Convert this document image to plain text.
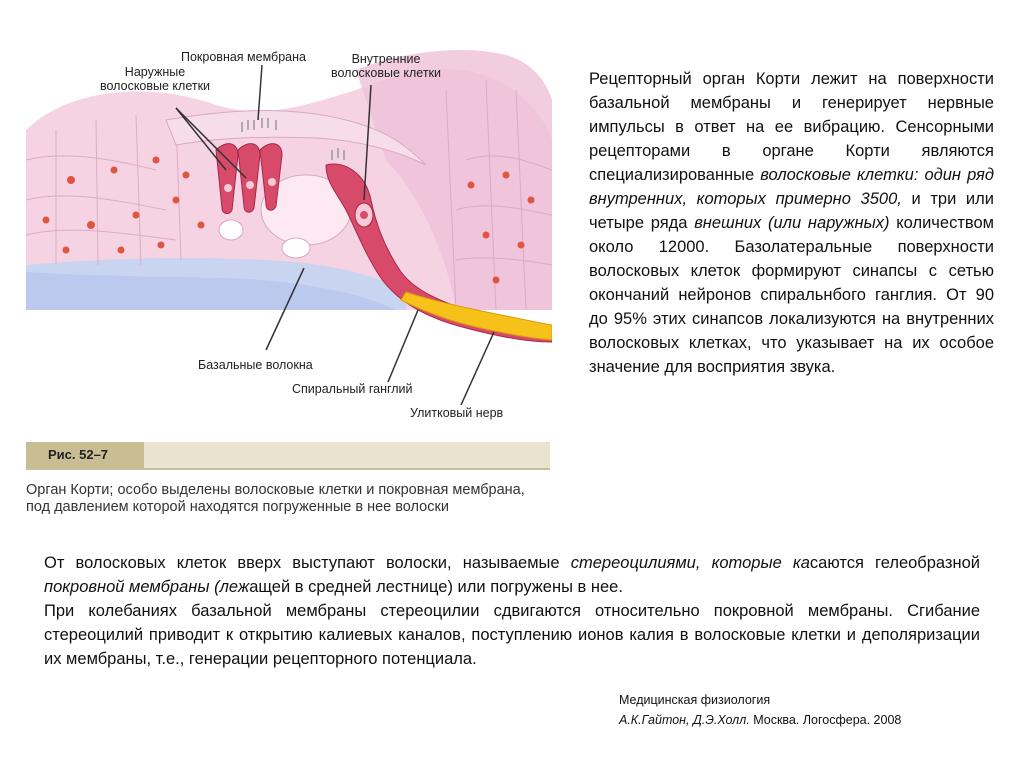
Покровная мембрана
Наружные
волосковые клетки
Внутренние
волосковые клетки
Базальные волокна
Спиральный ганглий
Улитковый нерв
Рис. 52–7
Орган Корти; особо выделены волосковые клетки и покровная мембрана, под давлением которой находятся погруженные в нее волоски
Рецепторный орган Корти лежит на поверхности базальной мембраны и генерирует нервные импульсы в ответ на ее вибрацию. Сенсорными рецепторами в органе Корти являются специализированные волосковые клетки: один ряд внутренних, которых примерно 3500, и три или четыре ряда внешних (или наружных) количеством около 12000. Базолатеральные поверхности волосковых клеток формируют синапсы с сетью окончаний нейронов спиральнбого ганглия. От 90 до 95% этих синапсов локализуются на внутренних волосковых клетках, что указывает на их особое значение для восприятия звука.

От волосковых клеток вверх выступают волоски, называемые стереоцилиями, которые касаются гелеобразной покровной мембраны (лежащей в средней лестнице) или погружены в нее.

При колебаниях базальной мембраны стереоцилии сдвигаются относительно покровной мембраны. Сгибание стереоцилий приводит к открытию калиевых каналов, поступлению ионов калия в волосковые клетки и деполяризации их мембраны, т.е., генерации рецепторного потенциала.

Медицинская физиология
А.К.Гайтон, Д.Э.Холл. Москва. Логосфера. 2008
